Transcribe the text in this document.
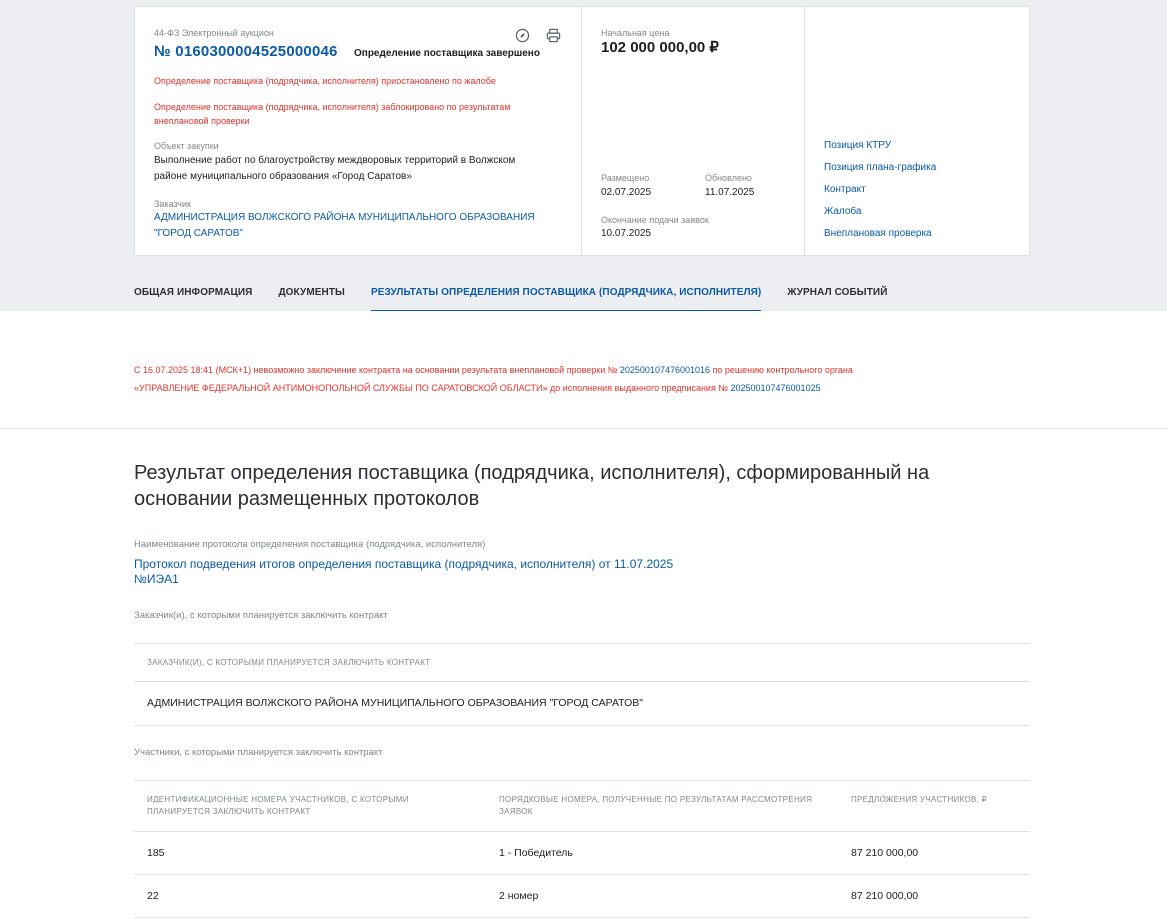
44-ФЗ Электронный аукцион
№ 0160300004525000046 Определение поставщика завершено
Определение поставщика (подрядчика, исполнителя) приостановлено по жалобе
Определение поставщика (подрядчика, исполнителя) заблокировано по результатам
внеплановой проверки
Объект закупки
Выполнение работ по благоустройству междворовых территорий в Волжском
районе муниципального образования «Город Саратов»
Заказчик
АДМИНИСТРАЦИЯ ВОЛЖСКОГО РАЙОНА МУНИЦИПАЛЬНОГО ОБРАЗОВАНИЯ
"ГОРОД САРАТОВ"
Начальная цена
102 000 000,00 ₽
Размещено
02.07.2025
Обновлено
11.07.2025
Окончание подачи заявок
10.07.2025
Позиция КТРУ
Позиция плана-графика
Контракт
Жалоба
Внеплановая проверка
ОБЩАЯ ИНФОРМАЦИЯ	ДОКУМЕНТЫ	РЕЗУЛЬТАТЫ ОПРЕДЕЛЕНИЯ ПОСТАВЩИКА (ПОДРЯДЧИКА, ИСПОЛНИТЕЛЯ)	ЖУРНАЛ СОБЫТИЙ
С 16.07.2025 18:41 (МСК+1) невозможно заключение контракта на основании результата внеплановой проверки № 202500107476001016 по решению контрольного органа
«УПРАВЛЕНИЕ ФЕДЕРАЛЬНОЙ АНТИМОНОПОЛЬНОЙ СЛУЖБЫ ПО САРАТОВСКОЙ ОБЛАСТИ» до исполнения выданного предписания № 202500107476001025
Результат определения поставщика (подрядчика, исполнителя), сформированный на
основании размещенных протоколов
Наименование протокола определения поставщика (подрядчика, исполнителя)
Протокол подведения итогов определения поставщика (подрядчика, исполнителя) от 11.07.2025
№ИЭА1
Заказчик(и), с которыми планируется заключить контракт
ЗАКАЗЧИК(И), С КОТОРЫМИ ПЛАНИРУЕТСЯ ЗАКЛЮЧИТЬ КОНТРАКТ
АДМИНИСТРАЦИЯ ВОЛЖСКОГО РАЙОНА МУНИЦИПАЛЬНОГО ОБРАЗОВАНИЯ "ГОРОД САРАТОВ"
Участники, с которыми планируется заключить контракт
ИДЕНТИФИКАЦИОННЫЕ НОМЕРА УЧАСТНИКОВ, С КОТОРЫМИ
ПЛАНИРУЕТСЯ ЗАКЛЮЧИТЬ КОНТРАКТ
ПОРЯДКОВЫЕ НОМЕРА, ПОЛУЧЕННЫЕ ПО РЕЗУЛЬТАТАМ РАССМОТРЕНИЯ
ЗАЯВОК
ПРЕДЛОЖЕНИЯ УЧАСТНИКОВ, ₽
185	1 - Победитель	87 210 000,00
22	2 номер	87 210 000,00
